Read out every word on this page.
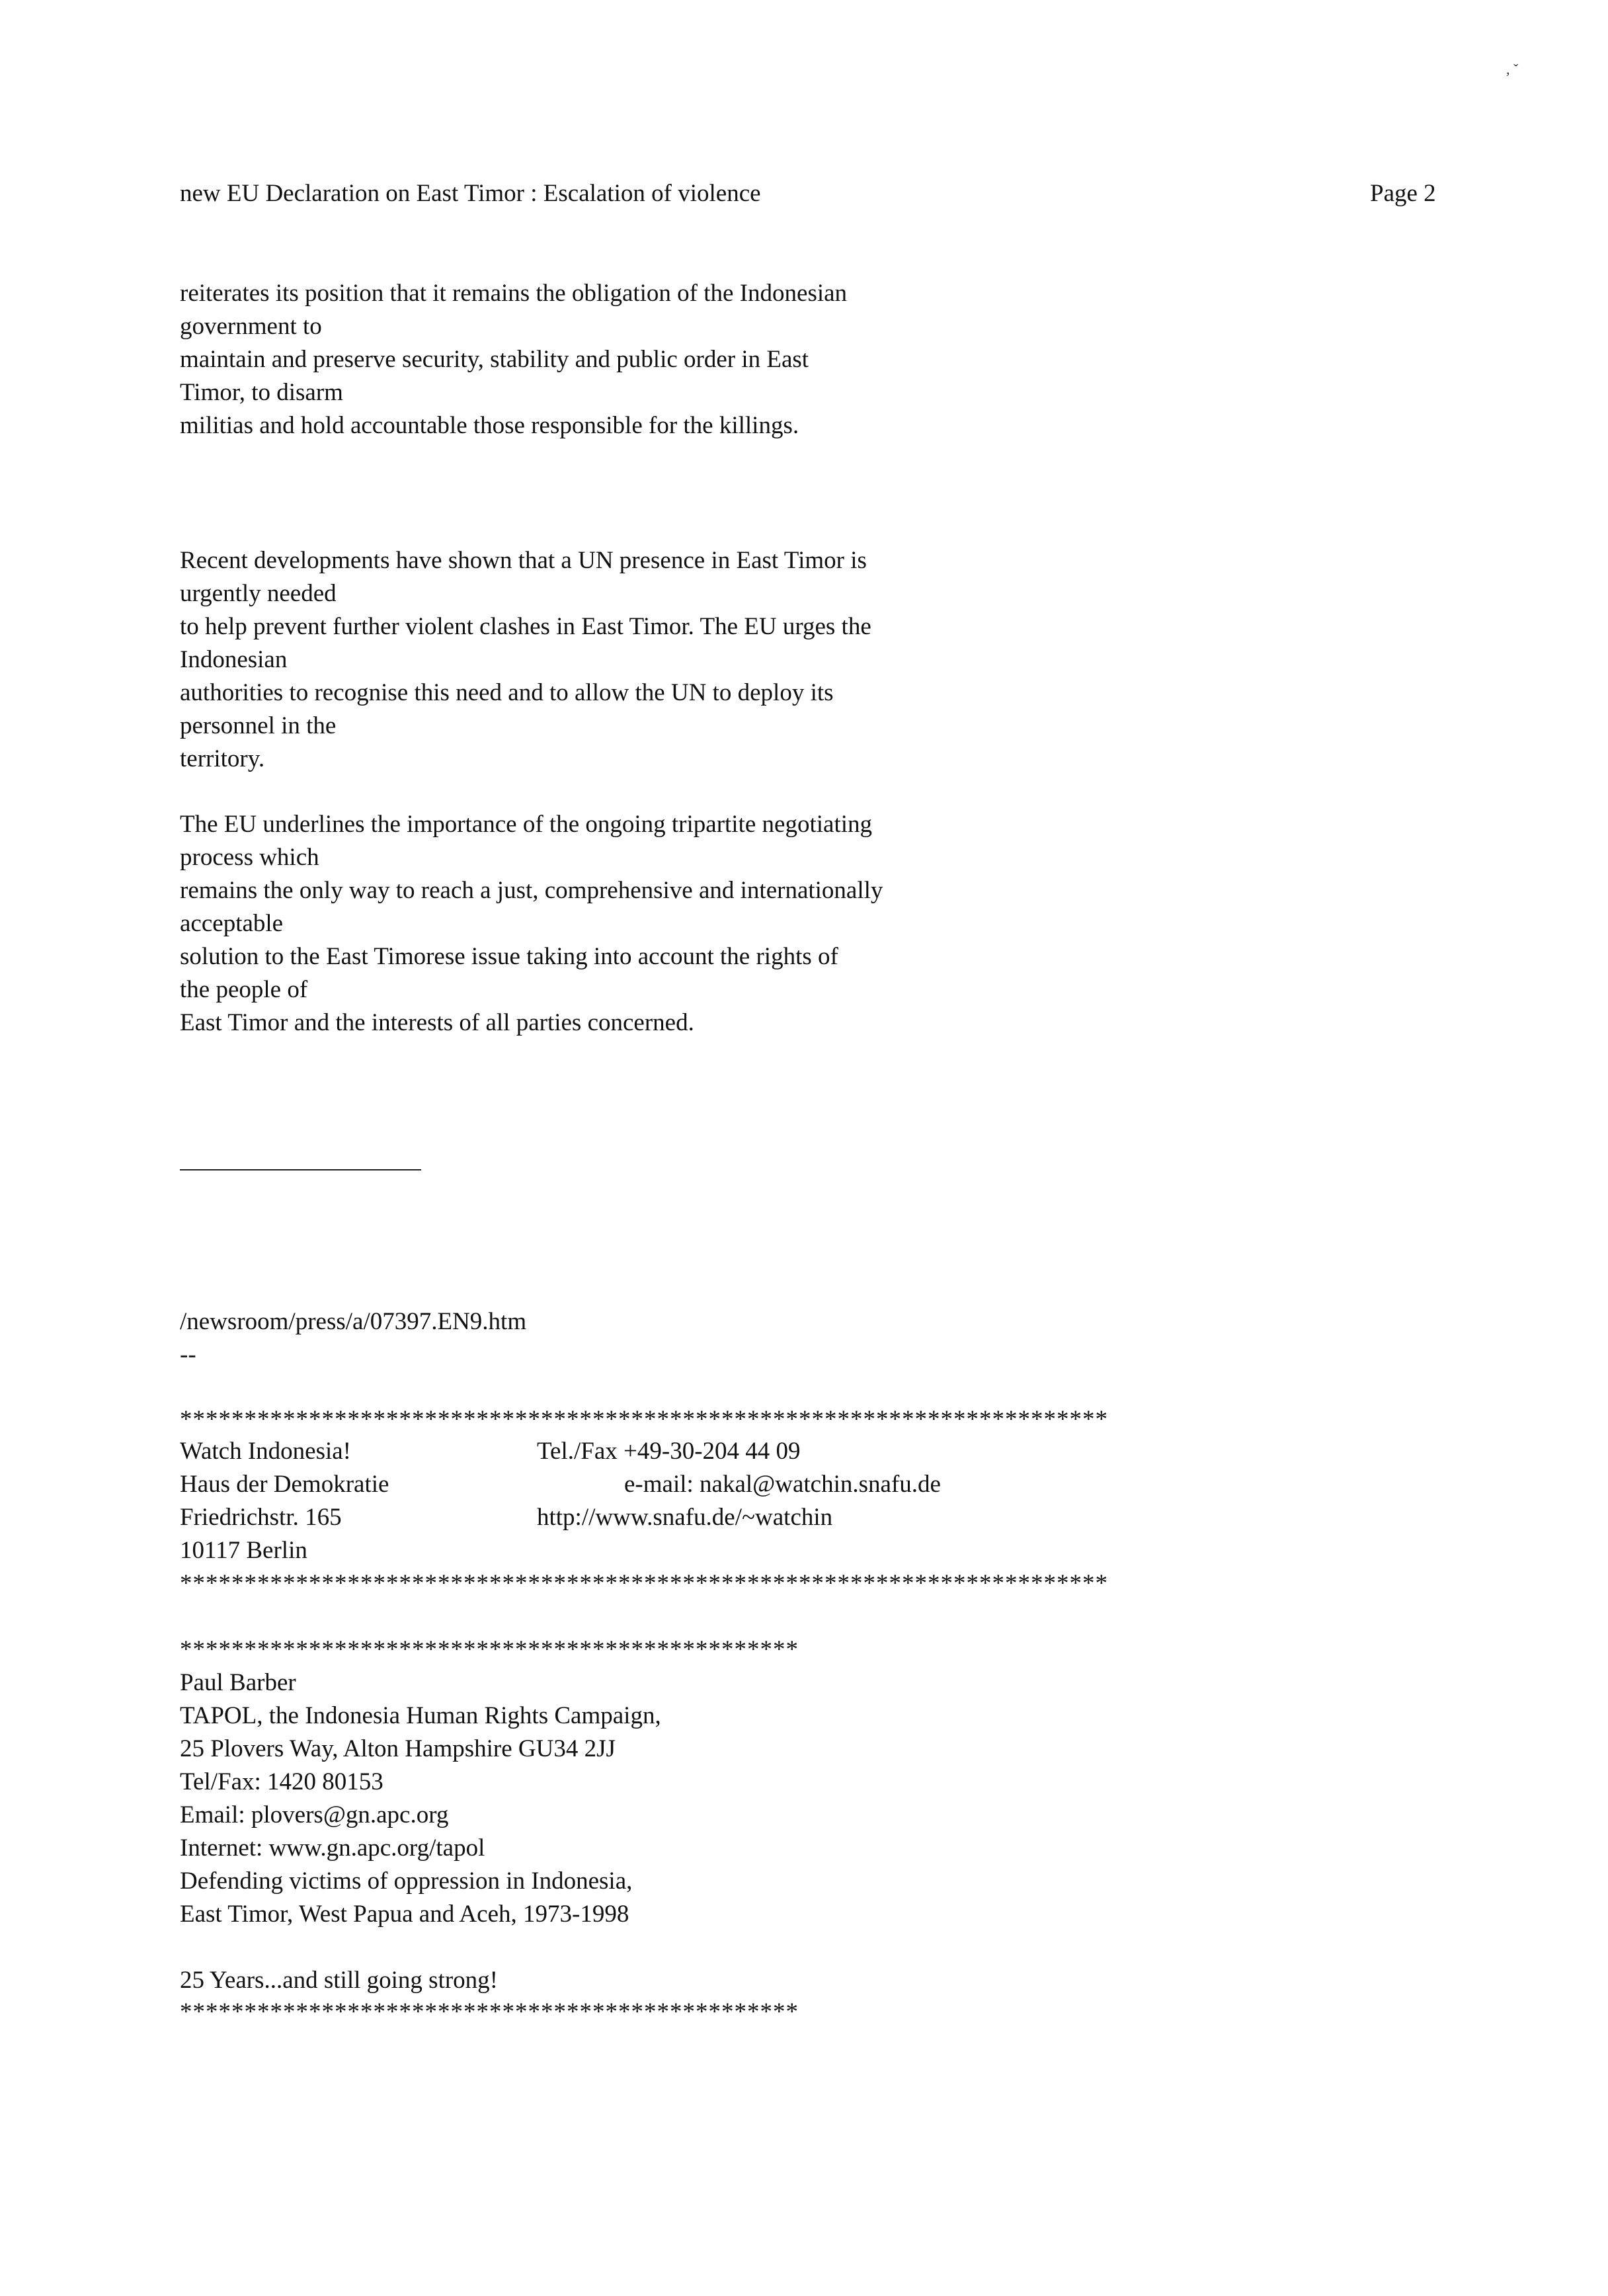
, ˇ
new EU Declaration on East Timor : Escalation of violence	Page 2
reiterates its position that it remains the obligation of the Indonesian
government to
maintain and preserve security, stability and public order in East
Timor, to disarm
militias and hold accountable those responsible for the killings.
Recent developments have shown that a UN presence in East Timor is
urgently needed
to help prevent further violent clashes in East Timor. The EU urges the
Indonesian
authorities to recognise this need and to allow the UN to deploy its
personnel in the
territory.
The EU underlines the importance of the ongoing tripartite negotiating
process which
remains the only way to reach a just, comprehensive and internationally
acceptable
solution to the East Timorese issue taking into account the rights of
the people of
East Timor and the interests of all parties concerned.
/newsroom/press/a/07397.EN9.htm
--
************************************************************************
Watch Indonesia!
Haus der Demokratie
Friedrichstr. 165
10117 Berlin
Tel./Fax +49-30-204 44 09
e-mail: nakal@watchin.snafu.de
http://www.snafu.de/~watchin
************************************************************************
************************************************
Paul Barber
TAPOL, the Indonesia Human Rights Campaign,
25 Plovers Way, Alton Hampshire GU34 2JJ
Tel/Fax: 1420 80153
Email: plovers@gn.apc.org
Internet: www.gn.apc.org/tapol
Defending victims of oppression in Indonesia,
East Timor, West Papua and Aceh, 1973-1998
25 Years...and still going strong!
************************************************
